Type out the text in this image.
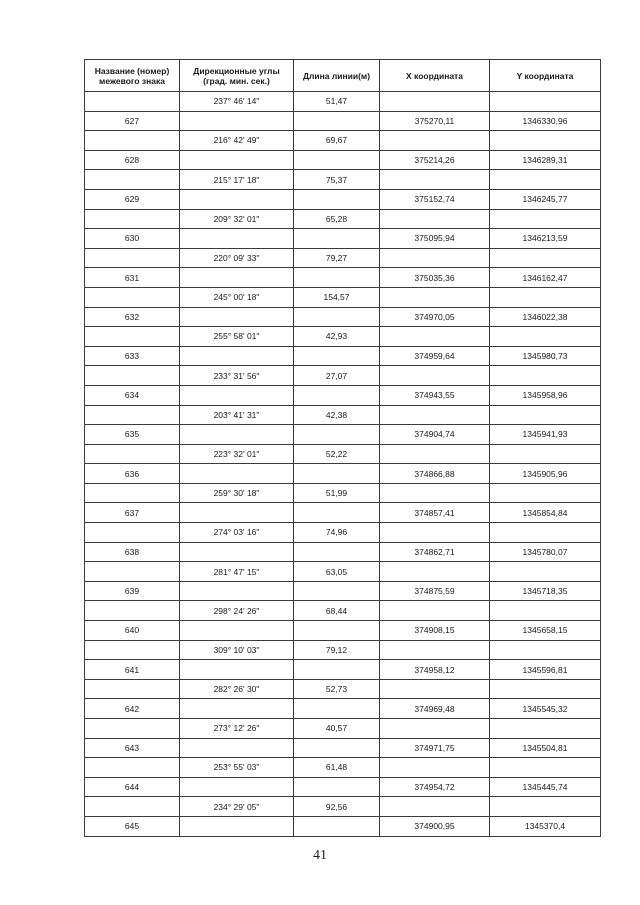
Название (номер)
межевого знака	Дирекционные углы
(град. мин. сек.)	Длина линии(м)	X координата	Y координата
	237° 46' 14"	51,47		
627			375270,11	1346330,96
	216° 42' 49"	69,67		
628			375214,26	1346289,31
	215° 17' 18"	75,37		
629			375152,74	1346245,77
	209° 32' 01"	65,28		
630			375095,94	1346213,59
	220° 09' 33"	79,27		
631			375035,36	1346162,47
	245° 00' 18"	154,57		
632			374970,05	1346022,38
	255° 58' 01"	42,93		
633			374959,64	1345980,73
	233° 31' 56"	27,07		
634			374943,55	1345958,96
	203° 41' 31"	42,38		
635			374904,74	1345941,93
	223° 32' 01"	52,22		
636			374866,88	1345905,96
	259° 30' 18"	51,99		
637			374857,41	1345854,84
	274° 03' 16"	74,96		
638			374862,71	1345780,07
	281° 47' 15"	63,05		
639			374875,59	1345718,35
	298° 24' 26"	68,44		
640			374908,15	1345658,15
	309° 10' 03"	79,12		
641			374958,12	1345596,81
	282° 26' 30"	52,73		
642			374969,48	1345545,32
	273° 12' 26"	40,57		
643			374971,75	1345504,81
	253° 55' 03"	61,48		
644			374954,72	1345445,74
	234° 29' 05"	92,56		
645			374900,95	1345370,4
41
